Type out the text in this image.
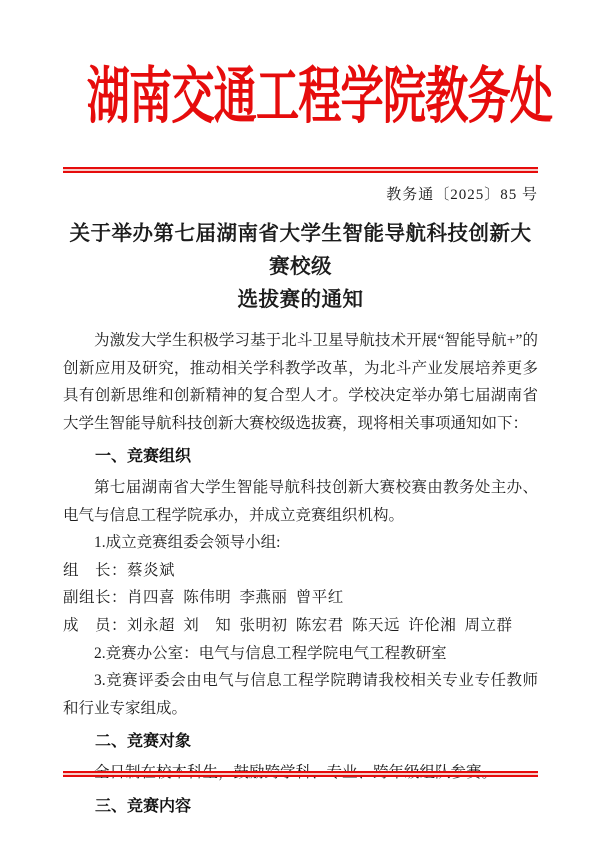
湖南交通工程学院教务处
教务通〔2025〕85 号
关于举办第七届湖南省大学生智能导航科技创新大赛校级
选拔赛的通知

为激发大学生积极学习基于北斗卫星导航技术开展“智能导航+”的创新应用及研究，推动相关学科教学改革，为北斗产业发展培养更多具有创新思维和创新精神的复合型人才。学校决定举办第七届湖南省大学生智能导航科技创新大赛校级选拔赛，现将相关事项通知如下：

一、竞赛组织

第七届湖南省大学生智能导航科技创新大赛校赛由教务处主办、电气与信息工程学院承办，并成立竞赛组织机构。

1.成立竞赛组委会领导小组:

组　长：蔡炎斌

副组长：肖四喜 陈伟明 李燕丽 曾平红

成　员：刘永超 刘　知 张明初 陈宏君 陈天远 许伦湘 周立群

2.竞赛办公室：电气与信息工程学院电气工程教研室

3.竞赛评委会由电气与信息工程学院聘请我校相关专业专任教师和行业专家组成。

二、竞赛对象

三、竞赛内容
